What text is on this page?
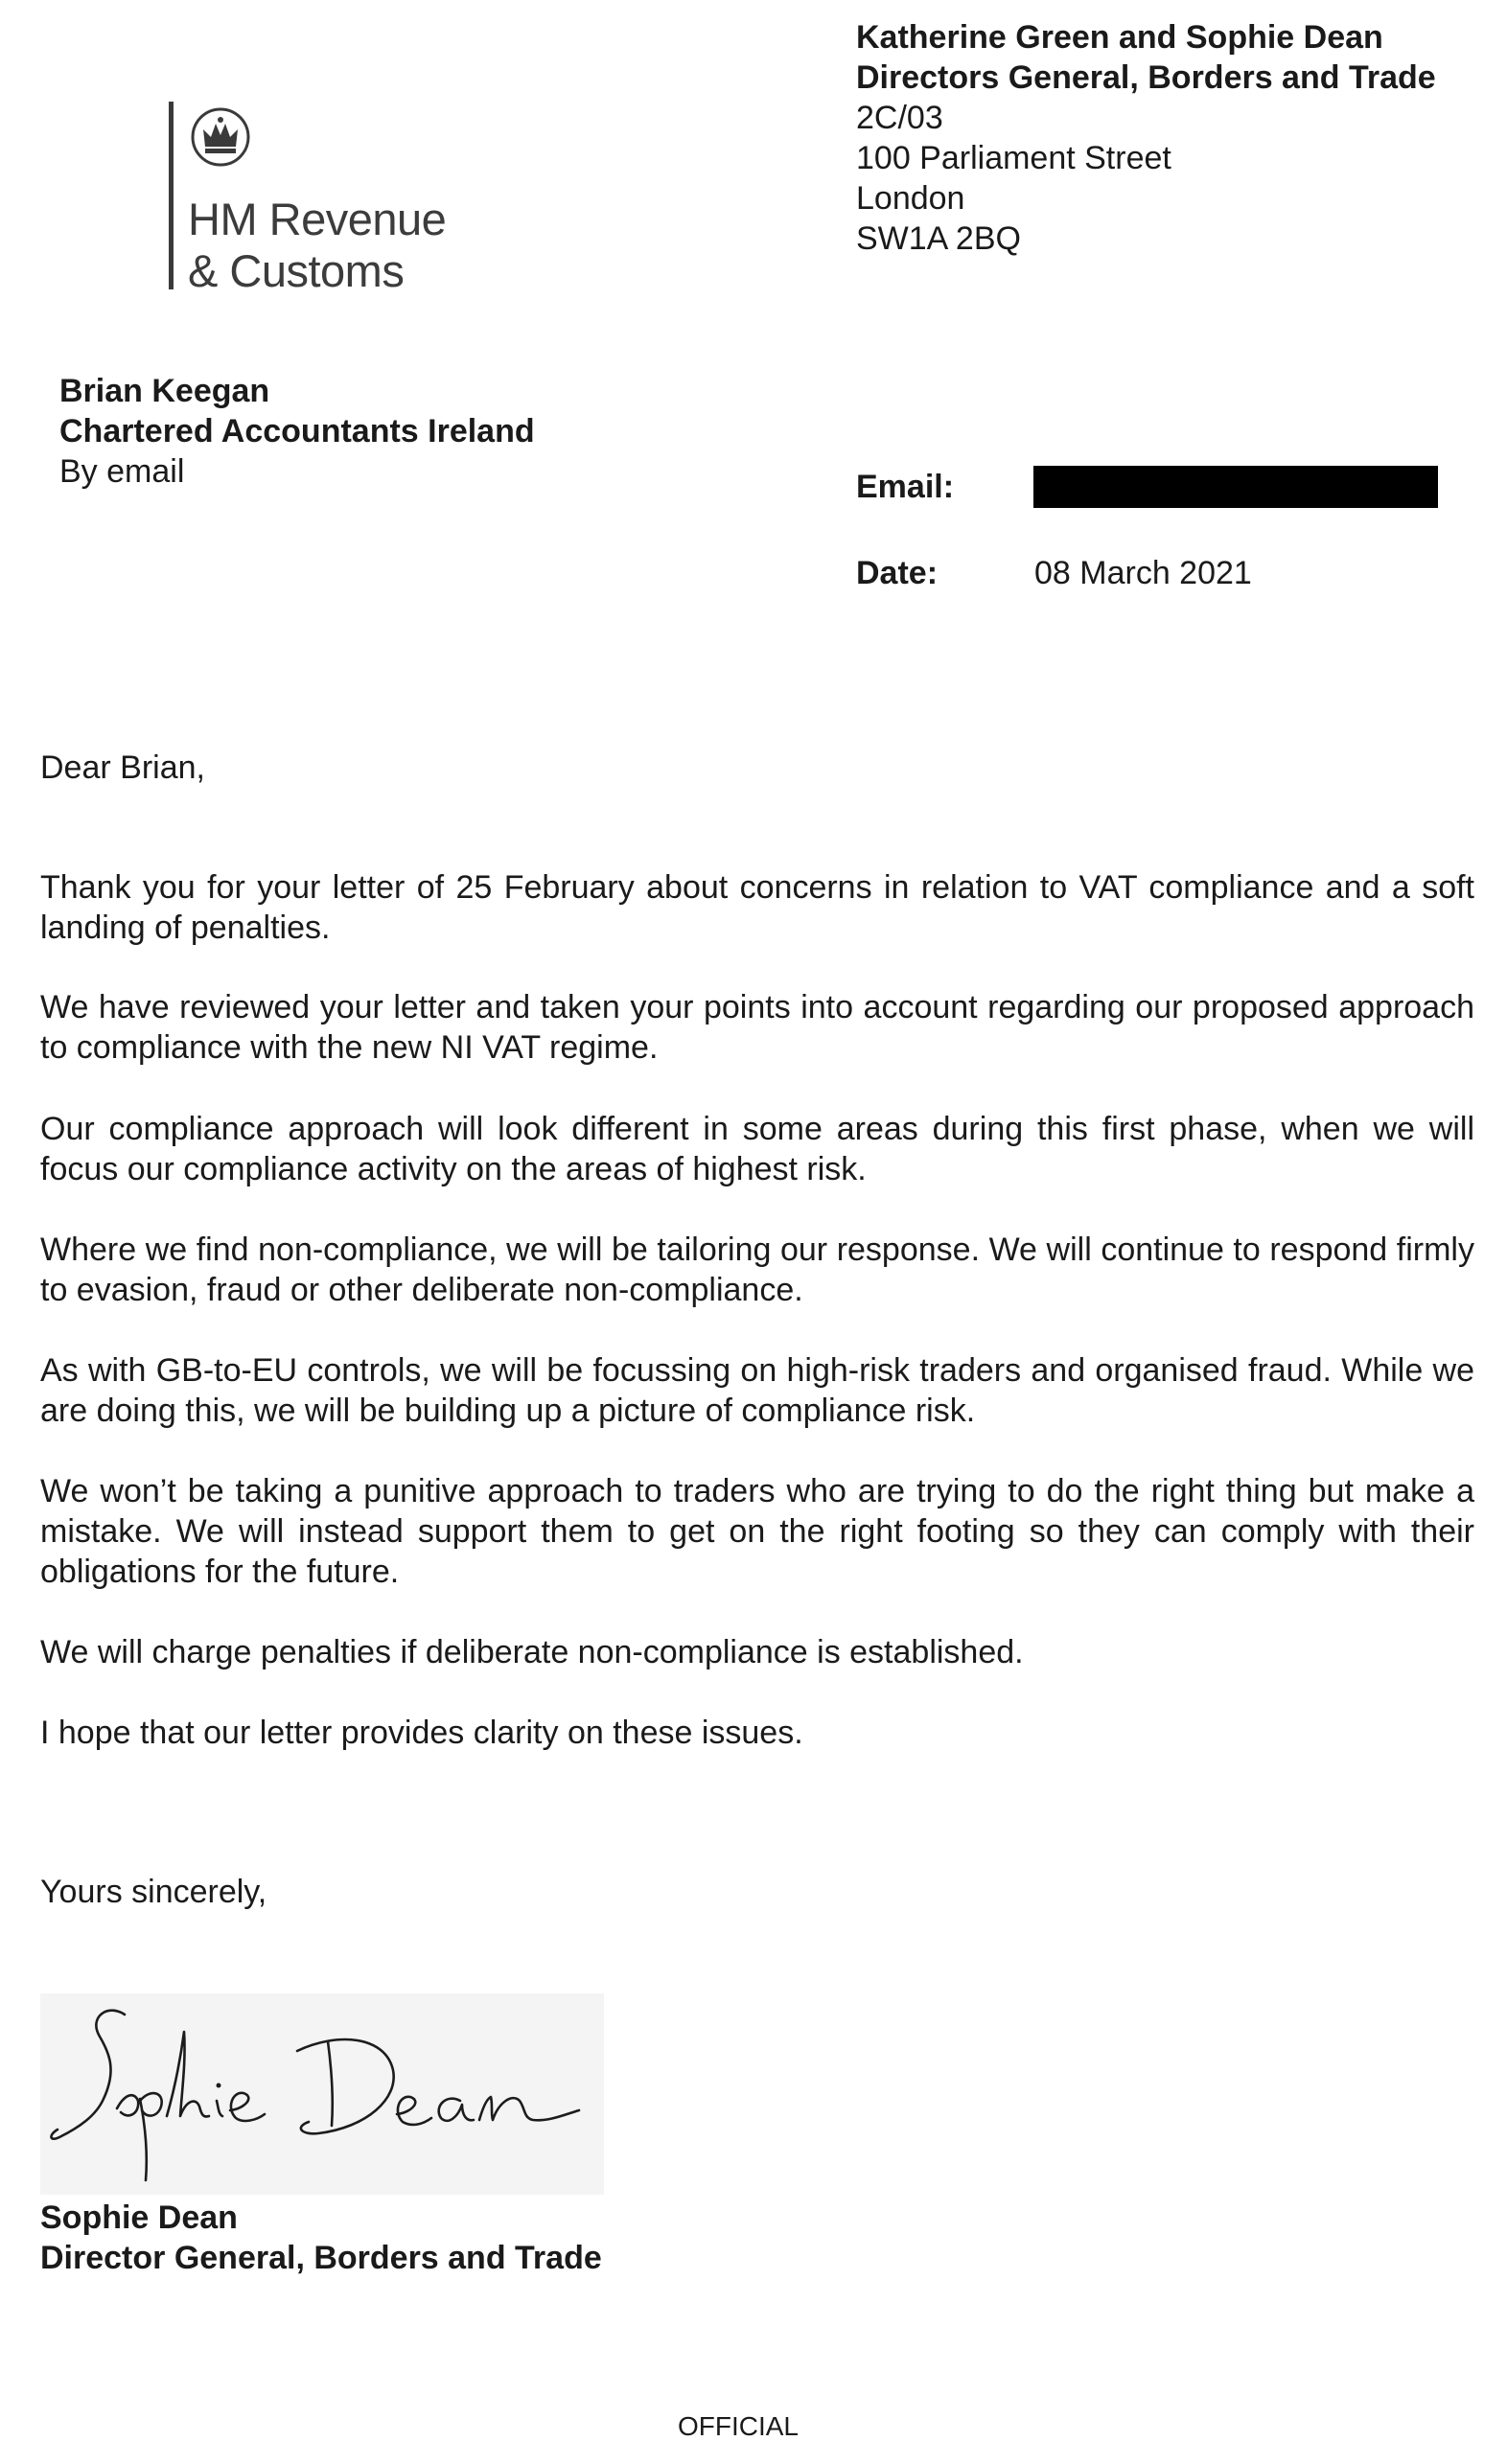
HM Revenue
& Customs
Katherine Green and Sophie Dean
Directors General, Borders and Trade
2C/03
100 Parliament Street
London
SW1A 2BQ
Brian Keegan
Chartered Accountants Ireland
By email	Email:
Date:	08 March 2021
Dear Brian,
Thank you for your letter of 25 February about concerns in relation to VAT compliance and a soft landing of penalties.
We have reviewed your letter and taken your points into account regarding our proposed approach to compliance with the new NI VAT regime.
Our compliance approach will look different in some areas during this first phase, when we will focus our compliance activity on the areas of highest risk.
Where we find non-compliance, we will be tailoring our response. We will continue to respond firmly to evasion, fraud or other deliberate non-compliance.
As with GB-to-EU controls, we will be focussing on high-risk traders and organised fraud. While we are doing this, we will be building up a picture of compliance risk.
We won’t be taking a punitive approach to traders who are trying to do the right thing but make a mistake. We will instead support them to get on the right footing so they can comply with their obligations for the future.
We will charge penalties if deliberate non-compliance is established.
I hope that our letter provides clarity on these issues.
Yours sincerely,
Sophie Dean
Director General, Borders and Trade
OFFICIAL
